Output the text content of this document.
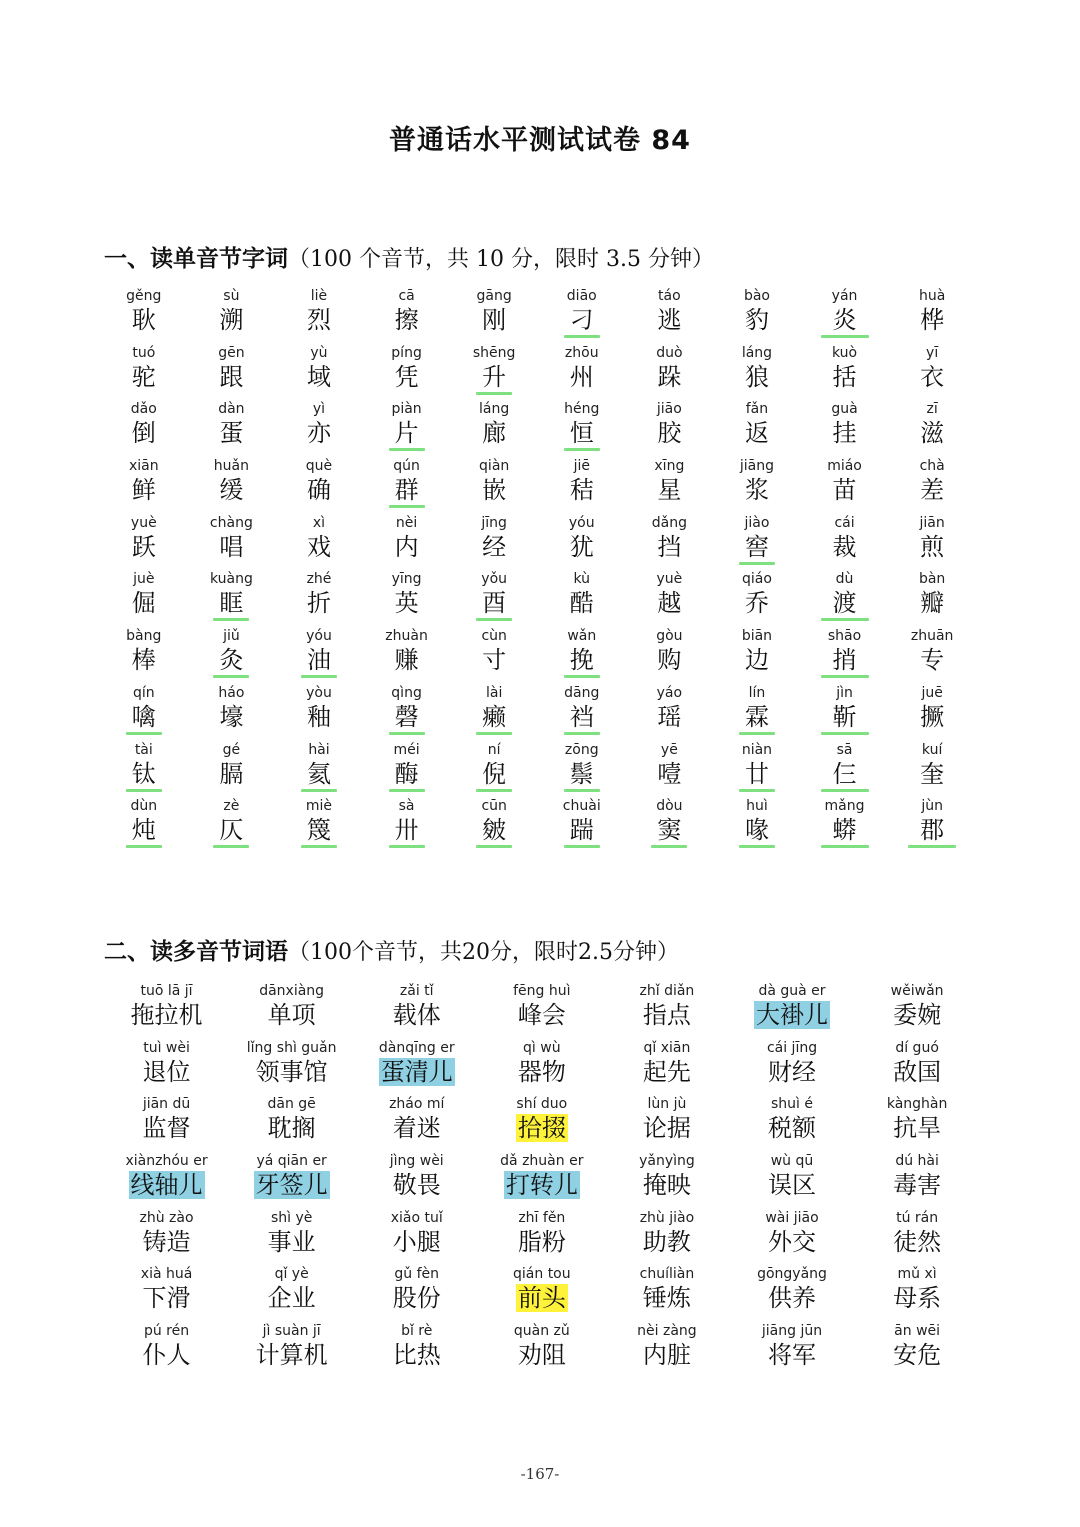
普通话水平测试试卷 84
一、读单音节字词（100 个音节，共 10 分，限时 3.5 分钟）
gěng
耿
sù
溯
liè
烈
cā
擦
gāng
刚
diāo
刁
táo
逃
bào
豹
yán
炎
huà
桦
tuó
驼
gēn
跟
yù
域
píng
凭
shēng
升
zhōu
州
duò
跺
láng
狼
kuò
括
yī
衣
dǎo
倒
dàn
蛋
yì
亦
piàn
片
láng
廊
héng
恒
jiāo
胶
fǎn
返
guà
挂
zī
滋
xiān
鲜
huǎn
缓
què
确
qún
群
qiàn
嵌
jiē
秸
xīng
星
jiāng
浆
miáo
苗
chà
差
yuè
跃
chàng
唱
xì
戏
nèi
内
jīng
经
yóu
犹
dǎng
挡
jiào
窖
cái
裁
jiān
煎
juè
倔
kuàng
眶
zhé
折
yīng
英
yǒu
酉
kù
酷
yuè
越
qiáo
乔
dù
渡
bàn
瓣
bàng
棒
jiǔ
灸
yóu
油
zhuàn
赚
cùn
寸
wǎn
挽
gòu
购
biān
边
shāo
捎
zhuān
专
qín
噙
háo
壕
yòu
釉
qìng
磬
lài
癞
dāng
裆
yáo
瑶
lín
霖
jìn
靳
juē
撅
tài
钛
gé
膈
hài
氦
méi
酶
ní
倪
zōng
鬃
yē
噎
niàn
廿
sā
仨
kuí
奎
dùn
炖
zè
仄
miè
篾
sà
卅
cūn
皴
chuài
踹
dòu
窦
huì
喙
mǎng
蟒
jùn
郡
二、读多音节词语（100个音节，共20分，限时2.5分钟）
tuō lā jī
拖拉机
dānxiàng
单项
zǎi tǐ
载体
fēng huì
峰会
zhǐ diǎn
指点
dà guà er
大褂儿
wěiwǎn
委婉
tuì wèi
退位
lǐng shì guǎn
领事馆
dànqīng er
蛋清儿
qì wù
器物
qǐ xiān
起先
cái jīng
财经
dí guó
敌国
jiān dū
监督
dān gē
耽搁
zháo mí
着迷
shí duo
拾掇
lùn jù
论据
shuì é
税额
kànghàn
抗旱
xiànzhóu er
线轴儿
yá qiān er
牙签儿
jìng wèi
敬畏
dǎ zhuàn er
打转儿
yǎnyìng
掩映
wù qū
误区
dú hài
毒害
zhù zào
铸造
shì yè
事业
xiǎo tuǐ
小腿
zhī fěn
脂粉
zhù jiào
助教
wài jiāo
外交
tú rán
徒然
xià huá
下滑
qǐ yè
企业
gǔ fèn
股份
qián tou
前头
chuíliàn
锤炼
gōngyǎng
供养
mǔ xì
母系
pú rén
仆人
jì suàn jī
计算机
bǐ rè
比热
quàn zǔ
劝阻
nèi zàng
内脏
jiāng jūn
将军
ān wēi
安危
-167-
